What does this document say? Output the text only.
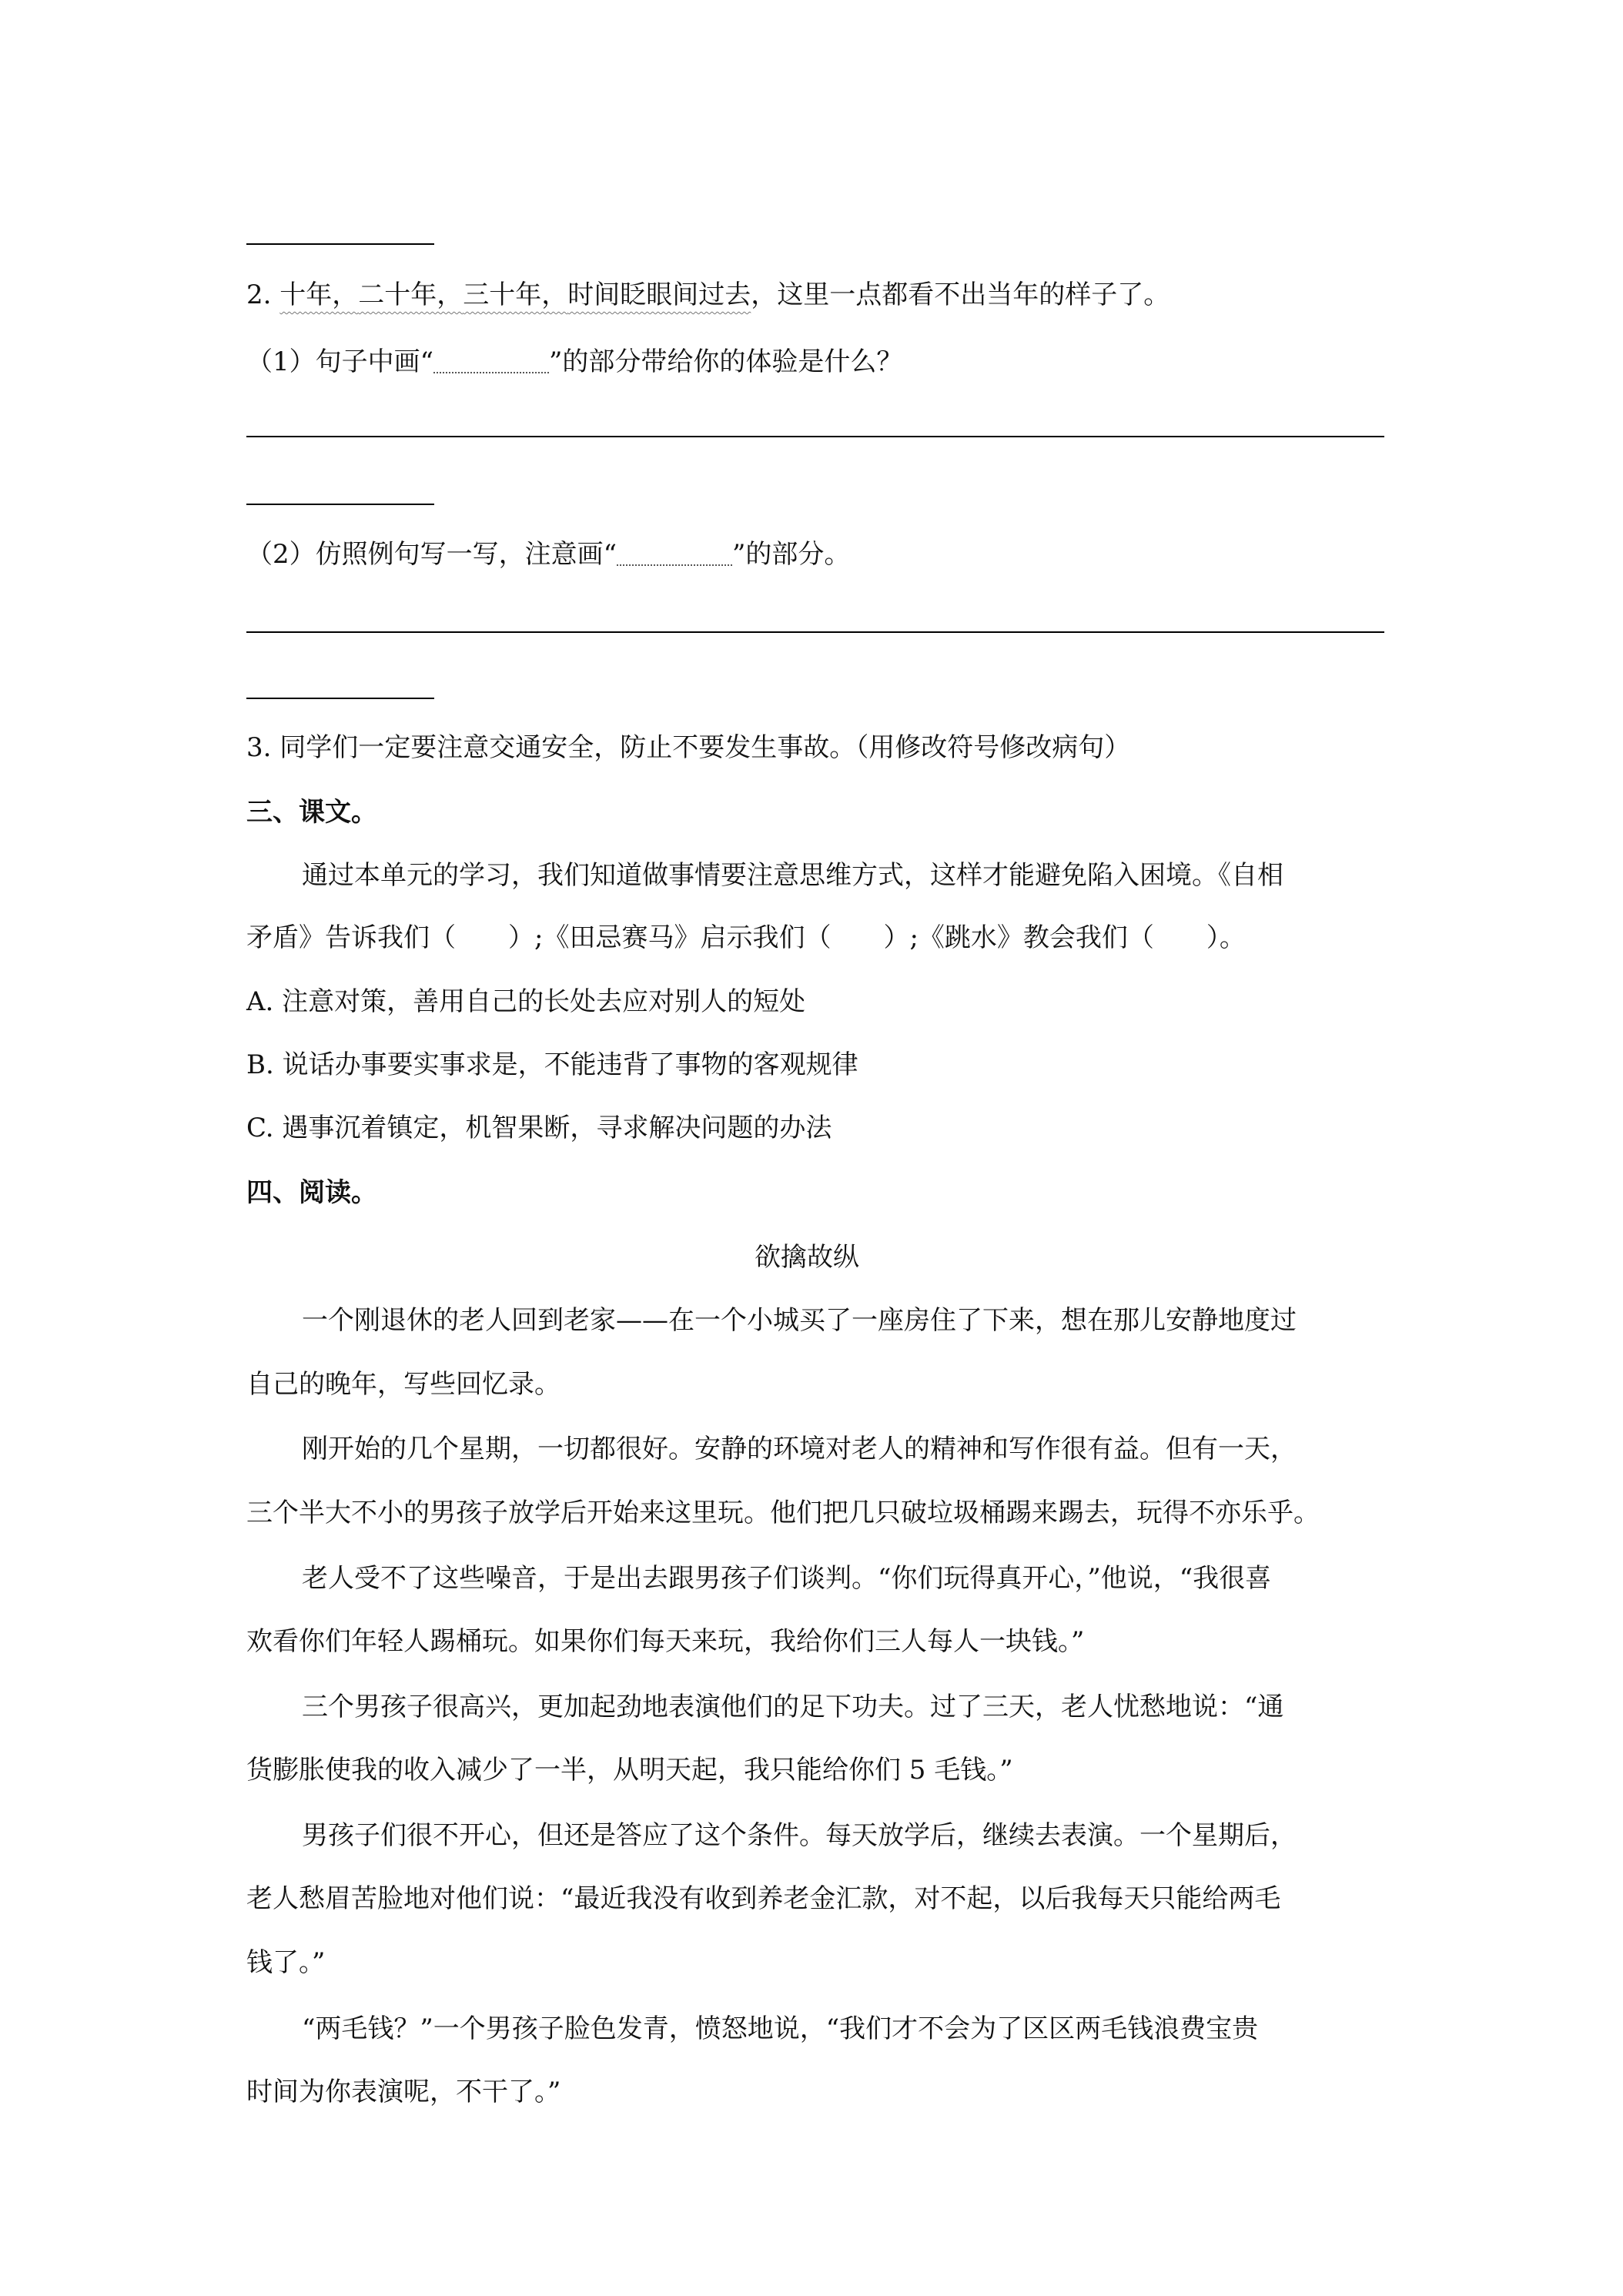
2. 十年，二十年，三十年，时间眨眼间过去，这里一点都看不出当年的样子了。
（1）句子中画“	”的部分带给你的体验是什么？
（2）仿照例句写一写，注意画“	”的部分。
3. 同学们一定要注意交通安全，防止不要发生事故。（用修改符号修改病句）
三、课文。
通过本单元的学习，我们知道做事情要注意思维方式，这样才能避免陷入困境。《自相
矛盾》告诉我们（　　）;《田忌赛马》启示我们（　　）;《跳水》教会我们（　　）。
A. 注意对策，善用自己的长处去应对别人的短处
B. 说话办事要实事求是，不能违背了事物的客观规律
C. 遇事沉着镇定，机智果断，寻求解决问题的办法
四、阅读。
欲擒故纵
一个刚退休的老人回到老家——在一个小城买了一座房住了下来，想在那儿安静地度过
自己的晚年，写些回忆录。
刚开始的几个星期，一切都很好。安静的环境对老人的精神和写作很有益。但有一天，
三个半大不小的男孩子放学后开始来这里玩。他们把几只破垃圾桶踢来踢去，玩得不亦乐乎。
老人受不了这些噪音，于是出去跟男孩子们谈判。“你们玩得真开心，”他说，“我很喜
欢看你们年轻人踢桶玩。如果你们每天来玩，我给你们三人每人一块钱。”
三个男孩子很高兴，更加起劲地表演他们的足下功夫。过了三天，老人忧愁地说：“通
货膨胀使我的收入减少了一半，从明天起，我只能给你们 5 毛钱。”
男孩子们很不开心，但还是答应了这个条件。每天放学后，继续去表演。一个星期后，
老人愁眉苦脸地对他们说：“最近我没有收到养老金汇款，对不起，以后我每天只能给两毛
钱了。”
“两毛钱？”一个男孩子脸色发青，愤怒地说，“我们才不会为了区区两毛钱浪费宝贵
时间为你表演呢，不干了。”
